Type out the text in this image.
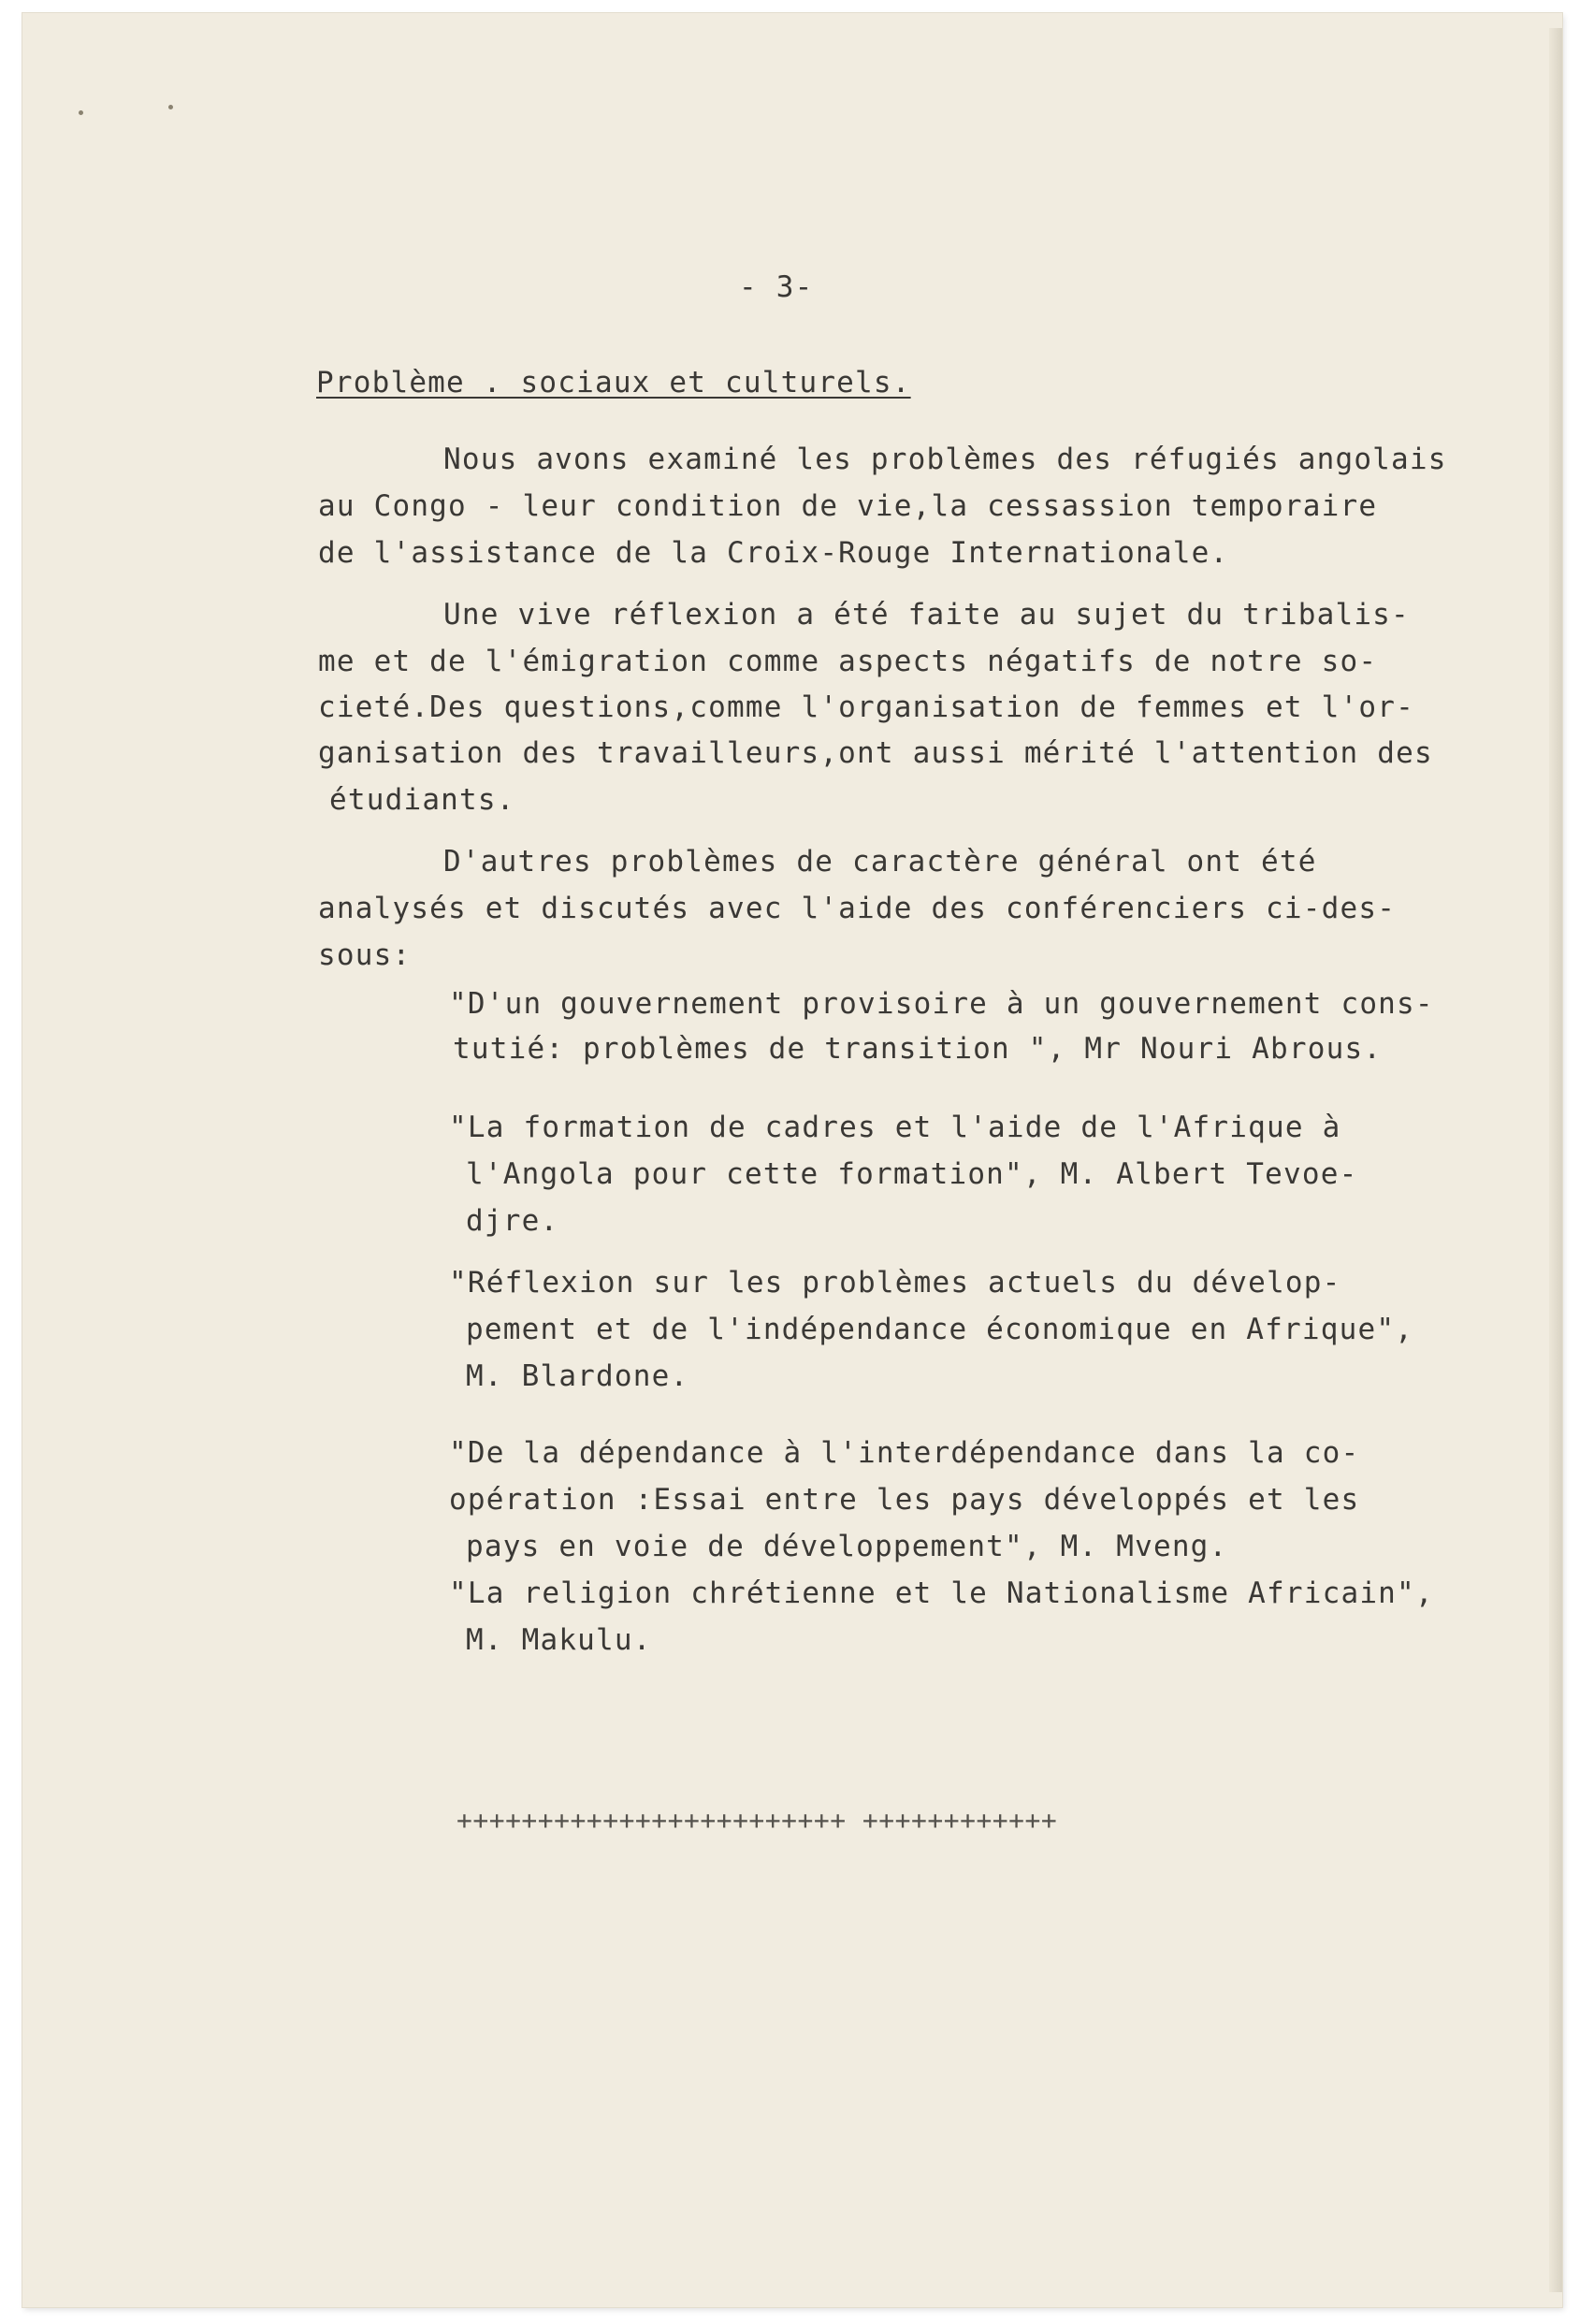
- 3-
Problème . sociaux et culturels.
Nous avons examiné les problèmes des réfugiés angolais
au Congo - leur condition de vie,la cessassion temporaire
de l'assistance de la Croix-Rouge Internationale.
Une vive réflexion a été faite au sujet du tribalis-
me et de l'émigration comme aspects négatifs de notre so-
cieté.Des questions,comme l'organisation de femmes et l'or-
ganisation des travailleurs,ont aussi mérité l'attention des
étudiants.
D'autres problèmes de caractère général ont été
analysés et discutés avec l'aide des conférenciers ci-des-
sous:
"D'un gouvernement provisoire à un gouvernement cons-
tutié: problèmes de transition ", Mr Nouri Abrous.
"La formation de cadres et l'aide de l'Afrique à
l'Angola pour cette formation", M. Albert Tevoe-
djre.
"Réflexion sur les problèmes actuels du dévelop-
pement et de l'indépendance économique en Afrique",
M. Blardone.
"De la dépendance à l'interdépendance dans la co-
opération :Essai entre les pays développés et les
pays en voie de développement", M. Mveng.
"La religion chrétienne et le Nationalisme Africain",
M. Makulu.
++++++++++++++++++++++++ ++++++++++++
